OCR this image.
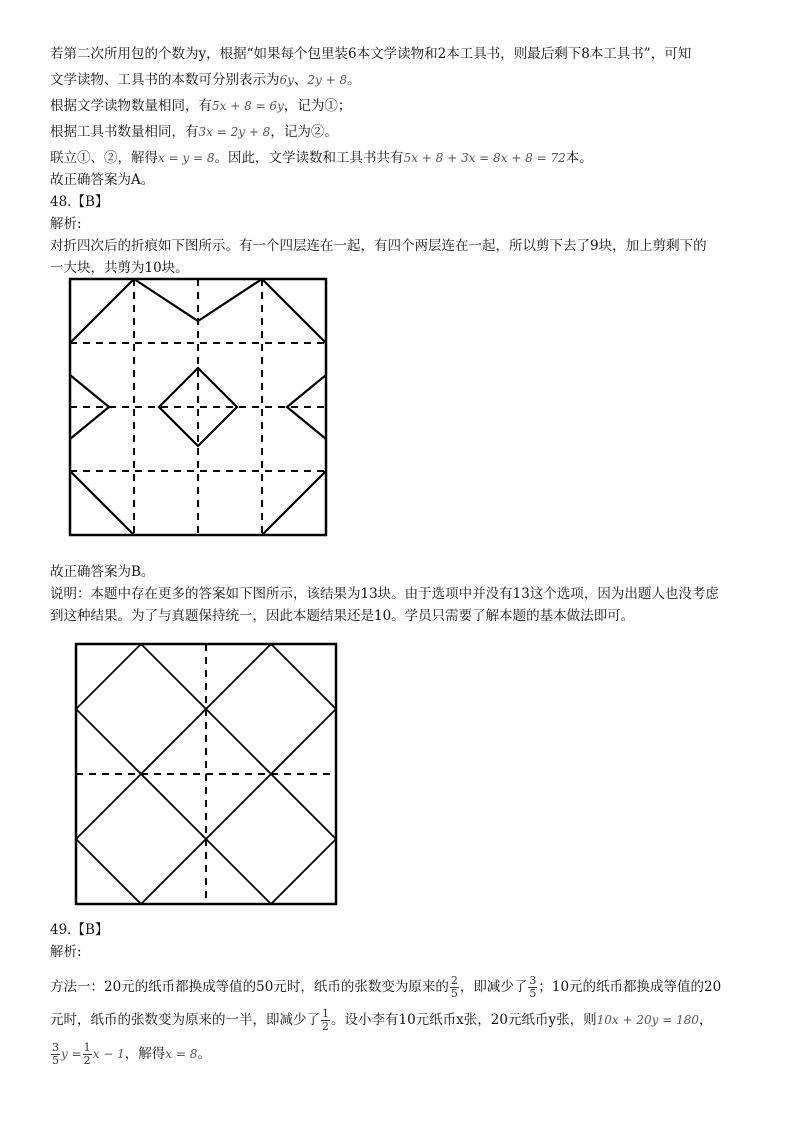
若第二次所用包的个数为y，根据“如果每个包里装6本文学读物和2本工具书，则最后剩下8本工具书”，可知
文学读物、工具书的本数可分别表示为6y、2y + 8。
根据文学读物数量相同，有5x + 8 = 6y，记为①；
根据工具书数量相同，有3x = 2y + 8，记为②。
联立①、②，解得x = y = 8。因此，文学读数和工具书共有5x + 8 + 3x = 8x + 8 = 72本。
故正确答案为A。
48.【B】
解析:
对折四次后的折痕如下图所示。有一个四层连在一起，有四个两层连在一起，所以剪下去了9块，加上剪剩下的
一大块，共剪为10块。
故正确答案为B。
说明：本题中存在更多的答案如下图所示，该结果为13块。由于选项中并没有13这个选项，因为出题人也没考虑
到这种结果。为了与真题保持统一，因此本题结果还是10。学员只需要了解本题的基本做法即可。
49.【B】
解析:
方法一：20元的纸币都换成等值的50元时，纸币的张数变为原来的 $\frac{2}{5}$ ，即减少了 $\frac{3}{5}$ ；10元的纸币都换成等值的20
元时，纸币的张数变为原来的一半，即减少了 $\frac{1}{2}$ 。设小李有10元纸币x张，20元纸币y张，则10x + 20y = 180，
$\frac{3}{5}$ $y = \frac{1}{2}$ x − 1，解得x = 8。
